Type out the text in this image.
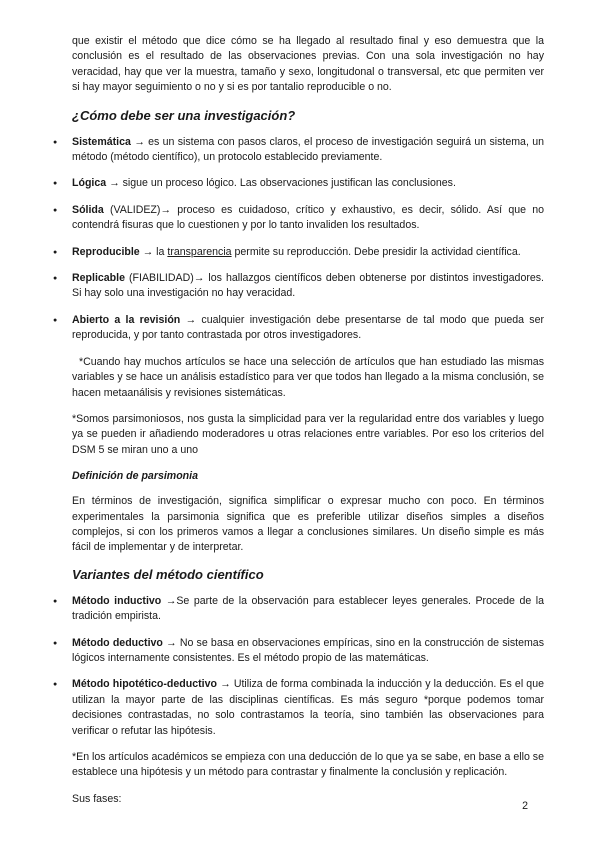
que existir el método que dice cómo se ha llegado al resultado final y eso demuestra que la conclusión es el resultado de las observaciones previas. Con una sola investigación no hay veracidad, hay que ver la muestra, tamaño y sexo, longitudonal o transversal, etc que permiten ver si hay mayor seguimiento o no y si es por tantalio reproducible o no.

¿Cómo debe ser una investigación?
● Sistemática → es un sistema con pasos claros, el proceso de investigación seguirá un sistema, un método (método científico), un protocolo establecido previamente.
● Lógica → sigue un proceso lógico. Las observaciones justifican las conclusiones.
● Sólida (VALIDEZ)→ proceso es cuidadoso, crítico y exhaustivo, es decir, sólido. Así que no contendrá fisuras que lo cuestionen y por lo tanto invaliden los resultados.
● Reproducible → la transparencia permite su reproducción. Debe presidir la actividad científica.
● Replicable (FIABILIDAD)→ los hallazgos científicos deben obtenerse por distintos investigadores. Si hay solo una investigación no hay veracidad.
● Abierto a la revisión → cualquier investigación debe presentarse de tal modo que pueda ser reproducida, y por tanto contrastada por otros investigadores.

*Cuando hay muchos artículos se hace una selección de artículos que han estudiado las mismas variables y se hace un análisis estadístico para ver que todos han llegado a la misma conclusión, se hacen metaanálisis y revisiones sistemáticas.

*Somos parsimoniosos, nos gusta la simplicidad para ver la regularidad entre dos variables y luego ya se pueden ir añadiendo moderadores u otras relaciones entre variables. Por eso los criterios del DSM 5 se miran uno a uno

Definición de parsimonia

En términos de investigación, significa simplificar o expresar mucho con poco. En términos experimentales la parsimonia significa que es preferible utilizar diseños simples a diseños complejos, si con los primeros vamos a llegar a conclusiones similares. Un diseño simple es más fácil de implementar y de interpretar.

Variantes del método científico
● Método inductivo →Se parte de la observación para establecer leyes generales. Procede de la tradición empirista.
● Método deductivo → No se basa en observaciones empíricas, sino en la construcción de sistemas lógicos internamente consistentes. Es el método propio de las matemáticas.
● Método hipotético-deductivo → Utiliza de forma combinada la inducción y la deducción. Es el que utilizan la mayor parte de las disciplinas científicas. Es más seguro *porque podemos tomar decisiones contrastadas, no solo contrastamos la teoría, sino también las observaciones para verificar o refutar las hipótesis.

*En los artículos académicos se empieza con una deducción de lo que ya se sabe, en base a ello se establece una hipótesis y un método para contrastar y finalmente la conclusión y replicación.

Sus fases:

2
